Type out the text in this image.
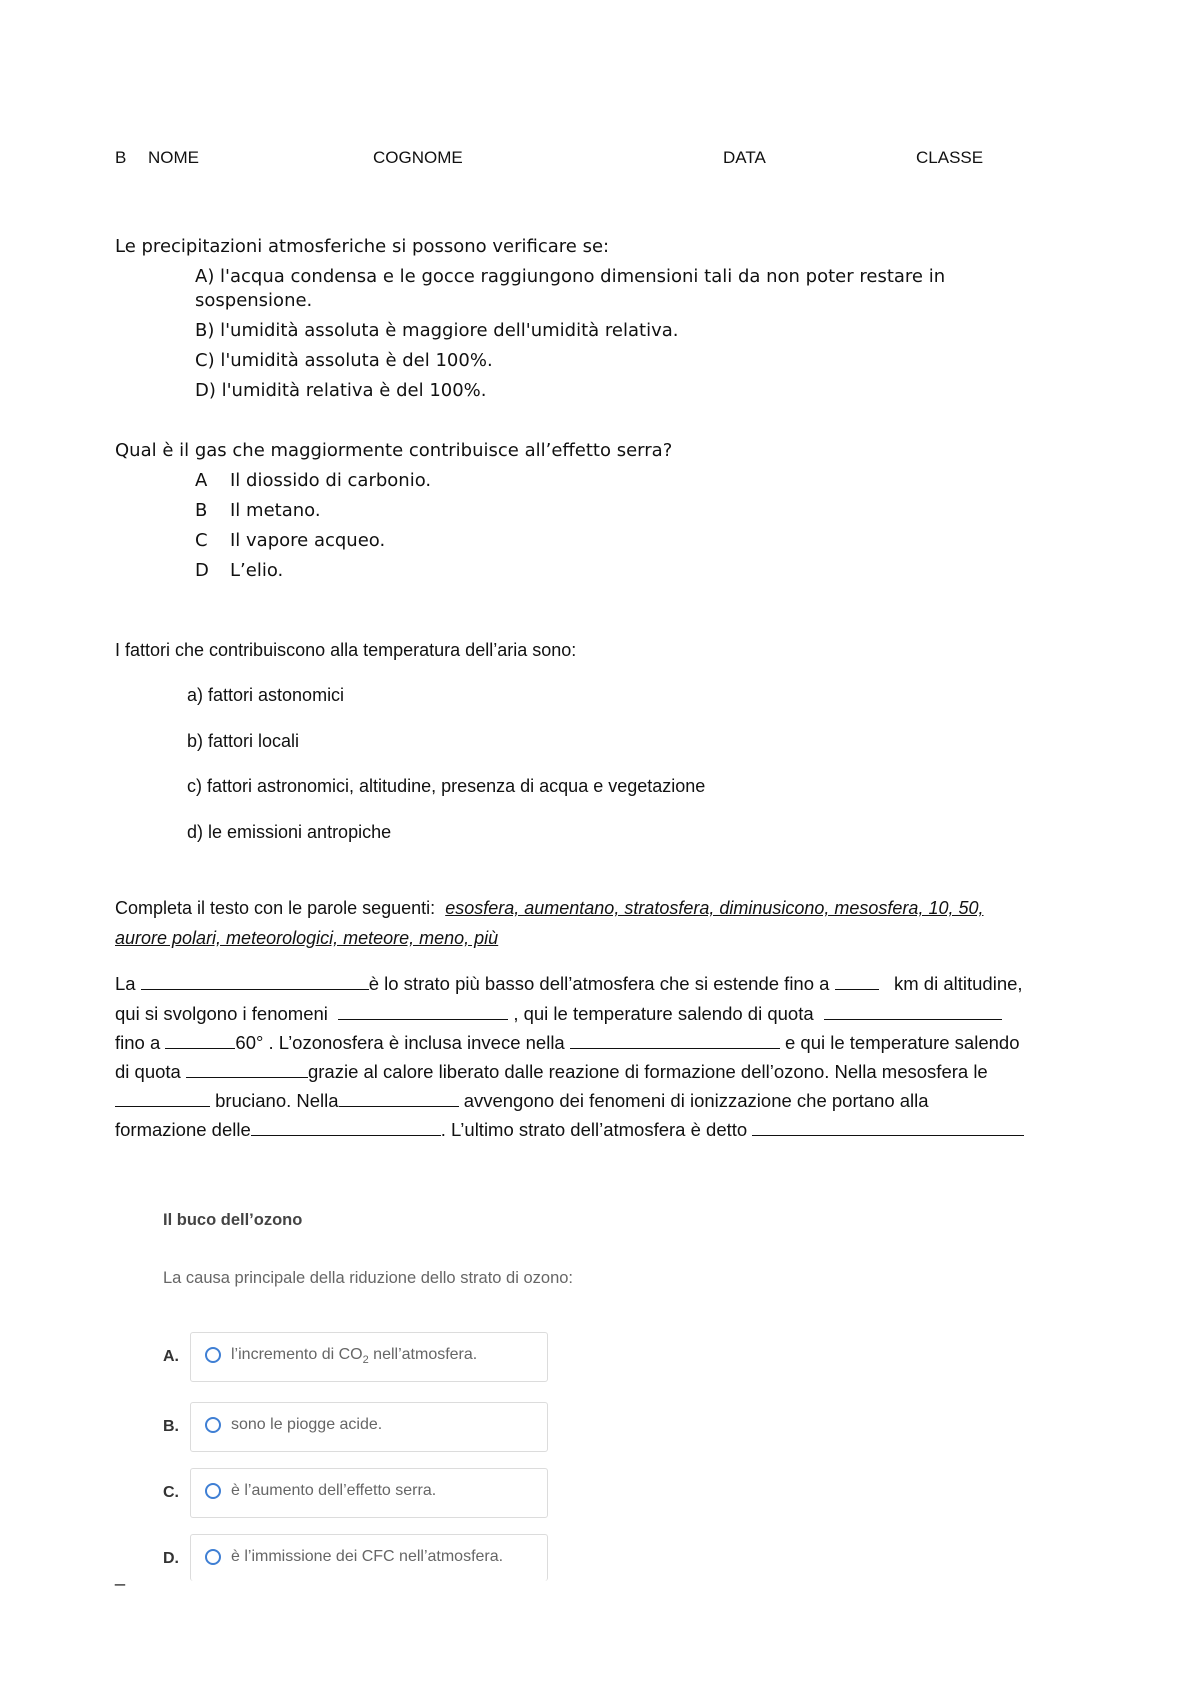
B NOME	COGNOME	DATA	CLASSE
Le precipitazioni atmosferiche si possono verificare se:
A) l'acqua condensa e le gocce raggiungono dimensioni tali da non poter restare in
sospensione.
B) l'umidità assoluta è maggiore dell'umidità relativa.
C) l'umidità assoluta è del 100%.
D) l'umidità relativa è del 100%.
Qual è il gas che maggiormente contribuisce all’effetto serra?
A Il diossido di carbonio.
B Il metano.
C Il vapore acqueo.
D L’elio.
I fattori che contribuiscono alla temperatura dell’aria sono:
a) fattori astonomici
b) fattori locali
c) fattori astronomici, altitudine, presenza di acqua e vegetazione
d) le emissioni antropiche
Completa il testo con le parole seguenti: esosfera, aumentano, stratosfera, diminusicono, mesosfera, 10, 50,
aurore polari, meteorologici, meteore, meno, più
La	è lo strato più basso dell’atmosfera che si estende fino a	km di altitudine,
qui si svolgono i fenomeni	, qui le temperature salendo di quota
fino a	60° . L’ozonosfera è inclusa invece nella	e qui le temperature salendo
di quota	grazie al calore liberato dalle reazione di formazione dell’ozono. Nella mesosfera le
bruciano. Nella	avvengono dei fenomeni di ionizzazione che portano alla
formazione delle	. L’ultimo strato dell’atmosfera è detto
Il buco dell’ozono
La causa principale della riduzione dello strato di ozono:
A.	l’incremento di $CO_2$ nell’atmosfera.
B.	sono le piogge acide.
C.	è l’aumento dell’effetto serra.
D.	è l’immissione dei CFC nell’atmosfera.
_
